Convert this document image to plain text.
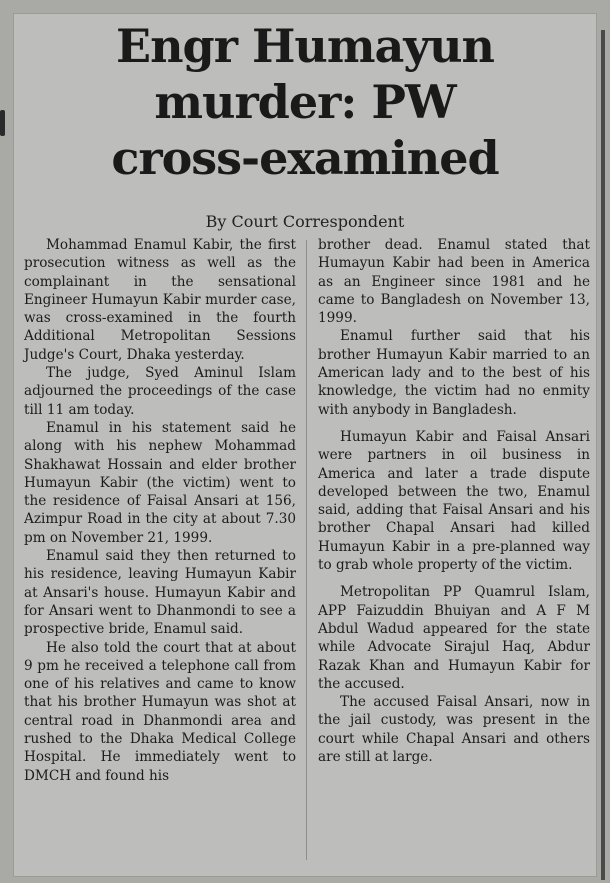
Engr Humayun
murder: PW
cross-examined
By Court Correspondent

Mohammad Enamul Kabir, the first prosecution witness as well as the complainant in the sensational Engineer Humayun Kabir murder case, was cross-examined in the fourth Additional Metropolitan Sessions Judge's Court, Dhaka yesterday.

The judge, Syed Aminul Islam adjourned the proceedings of the case till 11 am today.

Enamul in his statement said he along with his nephew Mohammad Shakhawat Hossain and elder brother Humayun Kabir (the victim) went to the residence of Faisal Ansari at 156, Azimpur Road in the city at about 7.30 pm on November 21, 1999.

Enamul said they then returned to his residence, leaving Humayun Kabir at Ansari's house. Humayun Kabir and for Ansari went to Dhanmondi to see a prospective bride, Enamul said.

He also told the court that at about 9 pm he received a telephone call from one of his relatives and came to know that his brother Humayun was shot at central road in Dhanmondi area and rushed to the Dhaka Medical College Hospital. He immediately went to DMCH and found his

brother dead. Enamul stated that Humayun Kabir had been in America as an Engineer since 1981 and he came to Bangladesh on November 13, 1999.

Enamul further said that his brother Humayun Kabir married to an American lady and to the best of his knowledge, the victim had no enmity with anybody in Bangladesh.

Humayun Kabir and Faisal Ansari were partners in oil business in America and later a trade dispute developed between the two, Enamul said, adding that Faisal Ansari and his brother Chapal Ansari had killed Humayun Kabir in a pre-planned way to grab whole property of the victim.

Metropolitan PP Quamrul Islam, APP Faizuddin Bhuiyan and A F M Abdul Wadud appeared for the state while Advocate Sirajul Haq, Abdur Razak Khan and Humayun Kabir for the accused.

The accused Faisal Ansari, now in the jail custody, was present in the court while Chapal Ansari and others are still at large.
